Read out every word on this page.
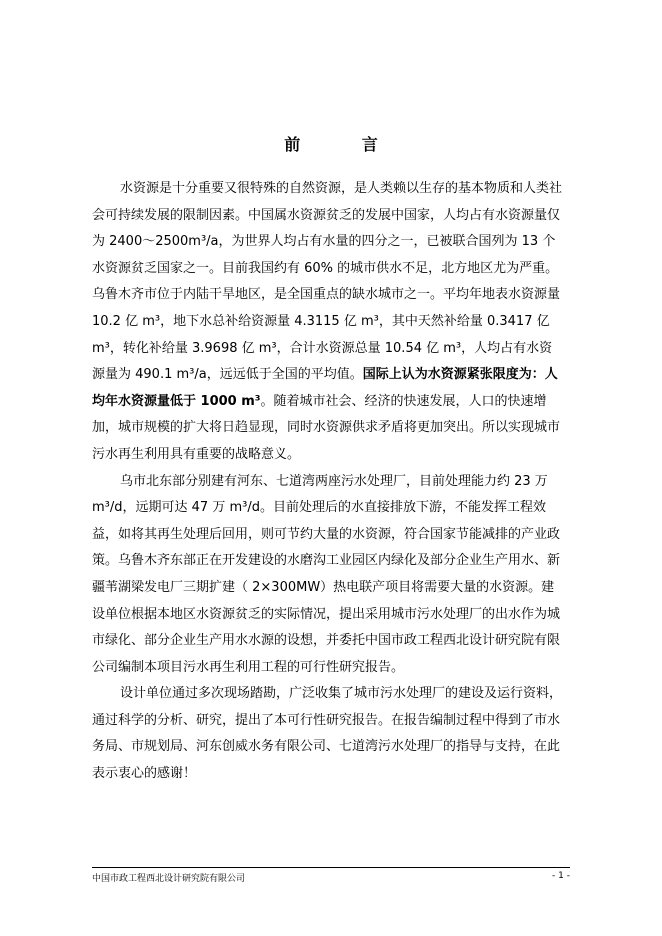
前 言

水资源是十分重要又很特殊的自然资源，是人类赖以生存的基本物质和人类社会可持续发展的限制因素。中国属水资源贫乏的发展中国家，人均占有水资源量仅为 2400～2500m³/a，为世界人均占有水量的四分之一，已被联合国列为 13 个水资源贫乏国家之一。目前我国约有 60% 的城市供水不足，北方地区尤为严重。乌鲁木齐市位于内陆干旱地区，是全国重点的缺水城市之一。平均年地表水资源量 10.2 亿 m³，地下水总补给资源量 4.3115 亿 m³，其中天然补给量 0.3417 亿 m³，转化补给量 3.9698 亿 m³，合计水资源总量 10.54 亿 m³，人均占有水资源量为 490.1 m³/a，远远低于全国的平均值。国际上认为水资源紧张限度为：人均年水资源量低于 1000 m³。随着城市社会、经济的快速发展，人口的快速增加，城市规模的扩大将日趋显现，同时水资源供求矛盾将更加突出。所以实现城市污水再生利用具有重要的战略意义。

乌市北东部分别建有河东、七道湾两座污水处理厂，目前处理能力约 23 万 m³/d，远期可达 47 万 m³/d。目前处理后的水直接排放下游，不能发挥工程效益，如将其再生处理后回用，则可节约大量的水资源，符合国家节能减排的产业政策。乌鲁木齐东部正在开发建设的水磨沟工业园区内绿化及部分企业生产用水、新疆苇湖梁发电厂三期扩建（ 2×300MW）热电联产项目将需要大量的水资源。建设单位根据本地区水资源贫乏的实际情况，提出采用城市污水处理厂的出水作为城市绿化、部分企业生产用水水源的设想，并委托中国市政工程西北设计研究院有限公司编制本项目污水再生利用工程的可行性研究报告。

设计单位通过多次现场踏勘，广泛收集了城市污水处理厂的建设及运行资料，通过科学的分析、研究，提出了本可行性研究报告。在报告编制过程中得到了市水务局、市规划局、河东创威水务有限公司、七道湾污水处理厂的指导与支持，在此表示衷心的感谢！

中国市政工程西北设计研究院有限公司	- 1 -
